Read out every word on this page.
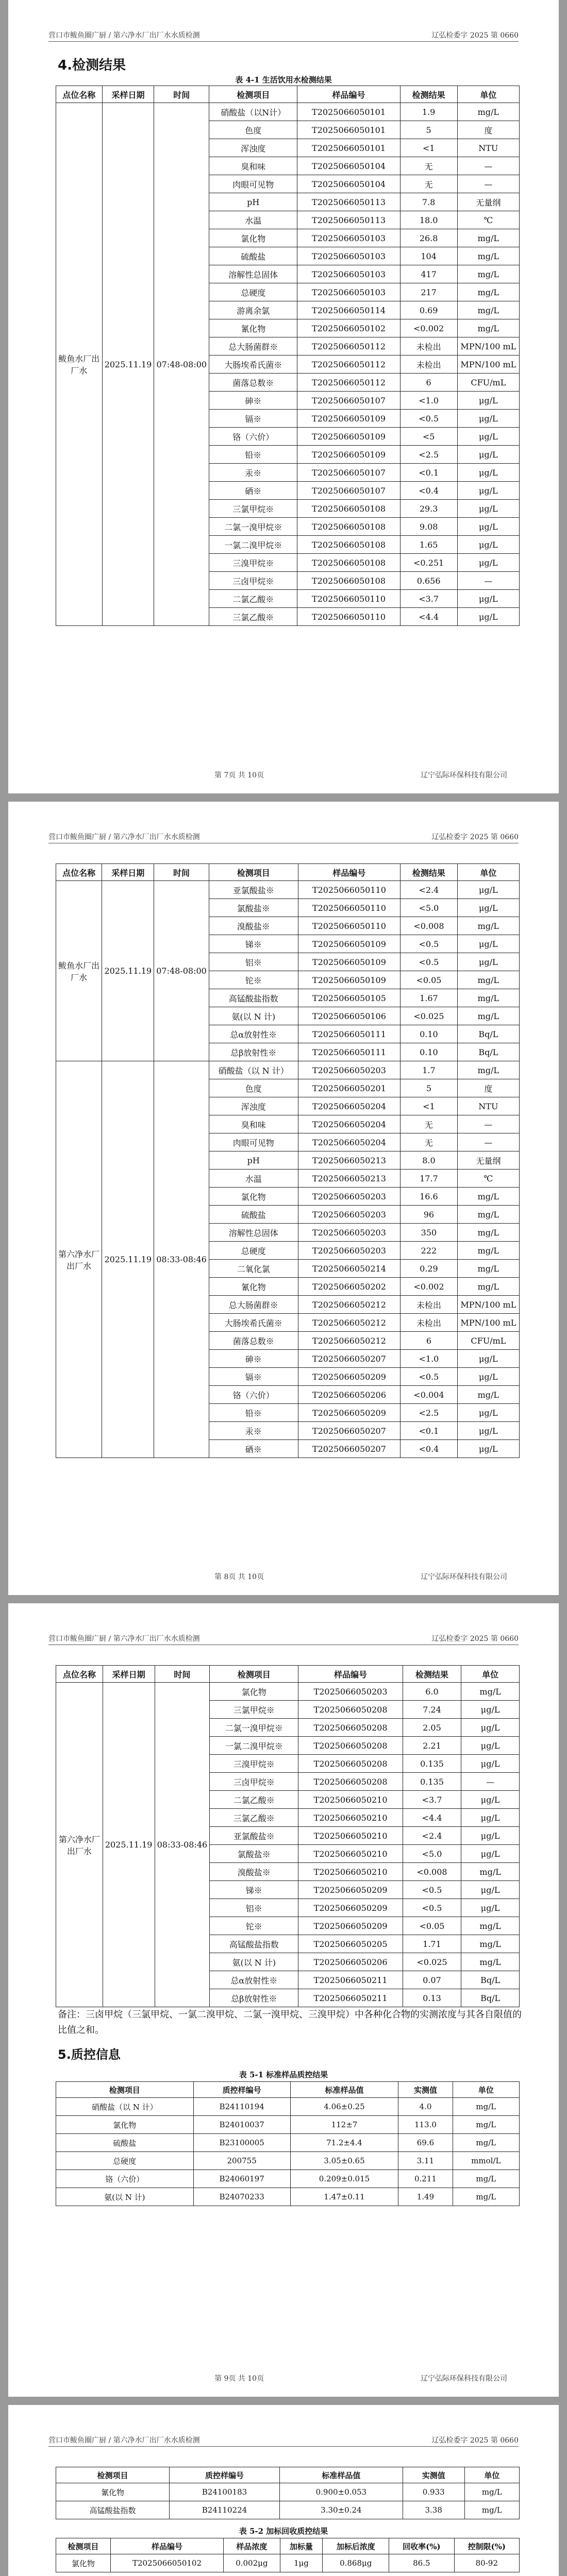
营口市鲅鱼圈广厨 / 第六净水厂出厂水水质检测	辽弘检委字 2025 第 0660
4.检测结果
表 4-1 生活饮用水检测结果
点位名称	采样日期	时间	检测项目	样品编号	检测结果	单位
鲅鱼水厂出厂水	2025.11.19	07:48-08:00	硝酸盐（以N计）	T2025066050101	1.9	mg/L
			色度	T2025066050101	5	度
			浑浊度	T2025066050101	<1	NTU
			臭和味	T2025066050104	无	—
			肉眼可见物	T2025066050104	无	—
			pH	T2025066050113	7.8	无量纲
			水温	T2025066050113	18.0	℃
			氯化物	T2025066050103	26.8	mg/L
			硫酸盐	T2025066050103	104	mg/L
			溶解性总固体	T2025066050103	417	mg/L
			总硬度	T2025066050103	217	mg/L
			游离余氯	T2025066050114	0.69	mg/L
			氰化物	T2025066050102	<0.002	mg/L
			总大肠菌群※	T2025066050112	未检出	MPN/100 mL
			大肠埃希氏菌※	T2025066050112	未检出	MPN/100 mL
			菌落总数※	T2025066050112	6	CFU/mL
			砷※	T2025066050107	<1.0	μg/L
			镉※	T2025066050109	<0.5	μg/L
			铬（六价）	T2025066050109	<5	μg/L
			铅※	T2025066050109	<2.5	μg/L
			汞※	T2025066050107	<0.1	μg/L
			硒※	T2025066050107	<0.4	μg/L
			三氯甲烷※	T2025066050108	29.3	μg/L
			二氯一溴甲烷※	T2025066050108	9.08	μg/L
			一氯二溴甲烷※	T2025066050108	1.65	μg/L
			三溴甲烷※	T2025066050108	<0.251	μg/L
			三卤甲烷※	T2025066050108	0.656	—
			二氯乙酸※	T2025066050110	<3.7	μg/L
			三氯乙酸※	T2025066050110	<4.4	μg/L
第 7页 共 10页	辽宁弘际环保科技有限公司
营口市鲅鱼圈广厨 / 第六净水厂出厂水水质检测	辽弘检委字 2025 第 0660
点位名称	采样日期	时间	检测项目	样品编号	检测结果	单位
鲅鱼水厂出厂水	2025.11.19	07:48-08:00	亚氯酸盐※	T2025066050110	<2.4	μg/L
			氯酸盐※	T2025066050110	<5.0	μg/L
			溴酸盐※	T2025066050110	<0.008	mg/L
			锑※	T2025066050109	<0.5	μg/L
			铝※	T2025066050109	<0.5	μg/L
			铊※	T2025066050109	<0.05	mg/L
			高锰酸盐指数	T2025066050105	1.67	mg/L
			氨(以 N 计)	T2025066050106	<0.025	mg/L
			总α放射性※	T2025066050111	0.10	Bq/L
			总β放射性※	T2025066050111	0.10	Bq/L
第六净水厂出厂水	2025.11.19	08:33-08:46	硝酸盐（以 N 计）	T2025066050203	1.7	mg/L
			色度	T2025066050201	5	度
			浑浊度	T2025066050204	<1	NTU
			臭和味	T2025066050204	无	—
			肉眼可见物	T2025066050204	无	—
			pH	T2025066050213	8.0	无量纲
			水温	T2025066050213	17.7	℃
			氯化物	T2025066050203	16.6	mg/L
			硫酸盐	T2025066050203	96	mg/L
			溶解性总固体	T2025066050203	350	mg/L
			总硬度	T2025066050203	222	mg/L
			二氧化氯	T2025066050214	0.29	mg/L
			氰化物	T2025066050202	<0.002	mg/L
			总大肠菌群※	T2025066050212	未检出	MPN/100 mL
			大肠埃希氏菌※	T2025066050212	未检出	MPN/100 mL
			菌落总数※	T2025066050212	6	CFU/mL
			砷※	T2025066050207	<1.0	μg/L
			镉※	T2025066050209	<0.5	μg/L
			铬（六价）	T2025066050206	<0.004	mg/L
			铅※	T2025066050209	<2.5	μg/L
			汞※	T2025066050207	<0.1	μg/L
			硒※	T2025066050207	<0.4	μg/L
第 8页 共 10页	辽宁弘际环保科技有限公司
营口市鲅鱼圈广厨 / 第六净水厂出厂水水质检测	辽弘检委字 2025 第 0660
点位名称	采样日期	时间	检测项目	样品编号	检测结果	单位
第六净水厂出厂水	2025.11.19	08:33-08:46	氯化物	T2025066050203	6.0	mg/L
			三氯甲烷※	T2025066050208	7.24	μg/L
			二氯一溴甲烷※	T2025066050208	2.05	μg/L
			一氯二溴甲烷※	T2025066050208	2.21	μg/L
			三溴甲烷※	T2025066050208	0.135	μg/L
			三卤甲烷※	T2025066050208	0.135	—
			二氯乙酸※	T2025066050210	<3.7	μg/L
			三氯乙酸※	T2025066050210	<4.4	μg/L
			亚氯酸盐※	T2025066050210	<2.4	μg/L
			氯酸盐※	T2025066050210	<5.0	μg/L
			溴酸盐※	T2025066050210	<0.008	mg/L
			锑※	T2025066050209	<0.5	μg/L
			铝※	T2025066050209	<0.5	μg/L
			铊※	T2025066050209	<0.05	mg/L
			高锰酸盐指数	T2025066050205	1.71	mg/L
			氨(以 N 计)	T2025066050206	<0.025	mg/L
			总α放射性※	T2025066050211	0.07	Bq/L
			总β放射性※	T2025066050211	0.13	Bq/L
备注：三卤甲烷（三氯甲烷、一氯二溴甲烷、二氯一溴甲烷、三溴甲烷）中各种化合物的实测浓度与其各自限值的比值之和。
5.质控信息
表 5-1 标准样品质控结果
检测项目	质控样编号	标准样品值	实测值	单位
硝酸盐（以 N 计）	B24110194	4.06±0.25	4.0	mg/L
氯化物	B24010037	112±7	113.0	mg/L
硫酸盐	B23100005	71.2±4.4	69.6	mg/L
总硬度	200755	3.05±0.65	3.11	mmol/L
铬（六价）	B24060197	0.209±0.015	0.211	mg/L
氨(以 N 计)	B24070233	1.47±0.11	1.49	mg/L
第 9页 共 10页	辽宁弘际环保科技有限公司
营口市鲅鱼圈广厨 / 第六净水厂出厂水水质检测	辽弘检委字 2025 第 0660
检测项目	质控样编号	标准样品值	实测值	单位
氰化物	B24100183	0.900±0.053	0.933	mg/L
高锰酸盐指数	B24110224	3.30±0.24	3.38	mg/L
表 5-2 加标回收质控结果
检测项目	样品编号	样品浓度	加标量	加标后浓度	回收率(%)	控制限(%)
氯化物	T2025066050102	0.002μg	1μg	0.868μg	86.5	80-92
